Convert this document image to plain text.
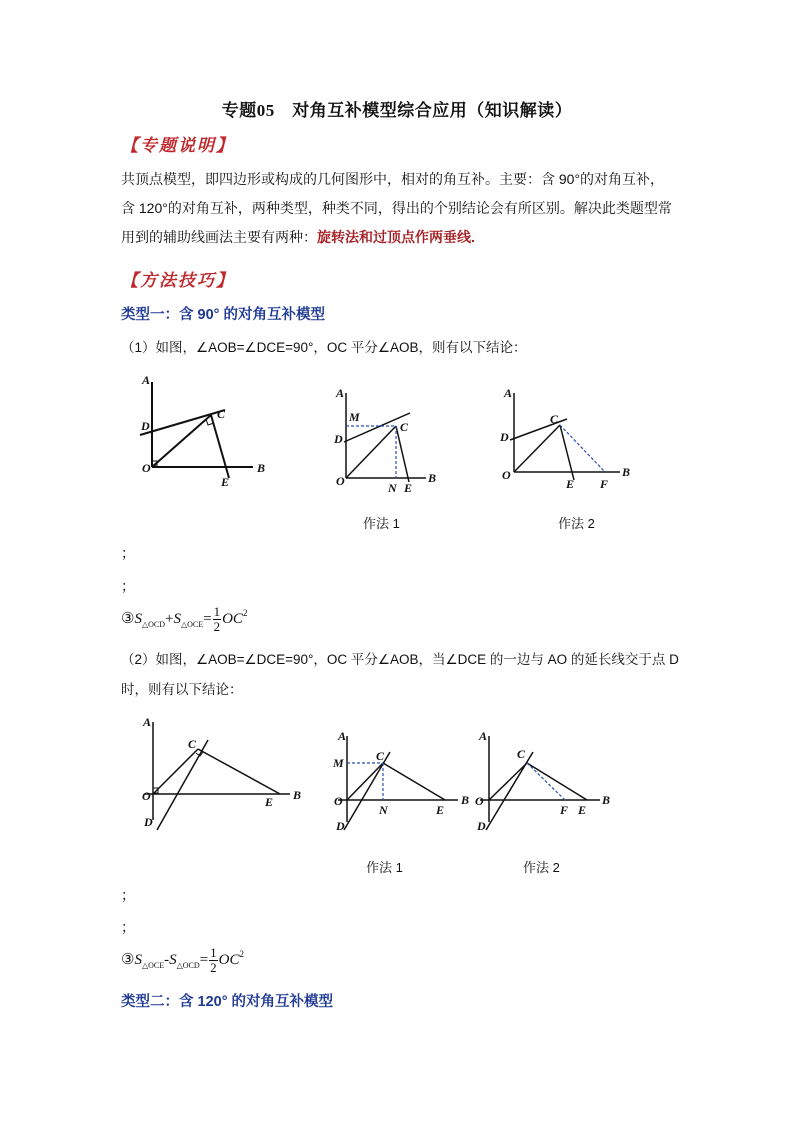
专题05　对角互补模型综合应用（知识解读）
【专题说明】
共顶点模型，即四边形或构成的几何图形中，相对的角互补。主要：含 90°的对角互补，
含 120°的对角互补，两种类型，种类不同，得出的个别结论会有所区别。解决此类题型常
用到的辅助线画法主要有两种：旋转法和过顶点作两垂线.
【方法技巧】
类型一：含 90° 的对角互补模型
（1）如图，∠AOB=∠DCE=90°，OC 平分∠AOB，则有以下结论：
A
D
O
C
B
E
A
M
D
O
C
N E
B
A
D
O
C
E F
B
作法 1	作法 2
；
；
$③S_{\triangle OCD}+S_{\triangle OCE}= \frac{1}{2} OC^2$
（2）如图，∠AOB=∠DCE=90°，OC 平分∠AOB，当∠DCE 的一边与 AO 的延长线交于点 D
时，则有以下结论：
A
O
D
C
E B
A
M
O
D
C
N	E
B
A
O
D
C
F E
B
作法 1	作法 2
；
；
$③S_{\triangle OCE}-S_{\triangle OCD}= \frac{1}{2} OC^2$
类型二：含 120° 的对角互补模型
